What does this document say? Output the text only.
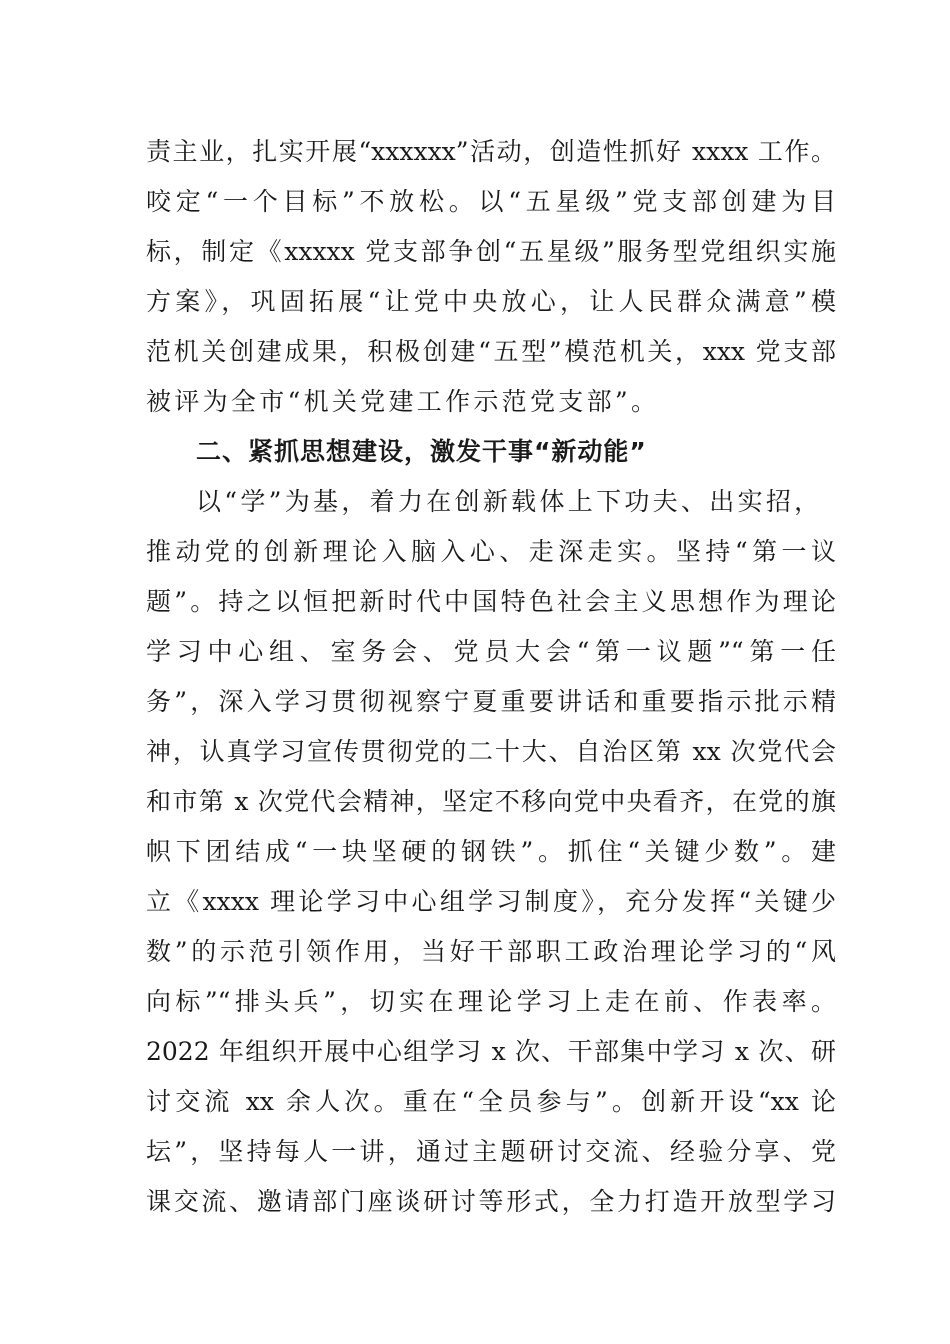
责主业，扎实开展“xxxxxx”活动，创造性抓好 xxxx 工作。
咬定“一个目标”不放松。以“五星级”党支部创建为目
标，制定《xxxxx 党支部争创“五星级”服务型党组织实施
方案》，巩固拓展“让党中央放心，让人民群众满意”模
范机关创建成果，积极创建“五型”模范机关，xxx 党支部
被评为全市“机关党建工作示范党支部”。
二、紧抓思想建设，激发干事“新动能”
以“学”为基，着力在创新载体上下功夫、出实招，
推动党的创新理论入脑入心、走深走实。坚持“第一议
题”。持之以恒把新时代中国特色社会主义思想作为理论
学习中心组、室务会、党员大会“第一议题”“第一任
务”，深入学习贯彻视察宁夏重要讲话和重要指示批示精
神，认真学习宣传贯彻党的二十大、自治区第 xx 次党代会
和市第 x 次党代会精神，坚定不移向党中央看齐，在党的旗
帜下团结成“一块坚硬的钢铁”。抓住“关键少数”。建
立《xxxx 理论学习中心组学习制度》，充分发挥“关键少
数”的示范引领作用，当好干部职工政治理论学习的“风
向标”“排头兵”，切实在理论学习上走在前、作表率。
2022 年组织开展中心组学习 x 次、干部集中学习 x 次、研
讨交流 xx 余人次。重在“全员参与”。创新开设“xx 论
坛”，坚持每人一讲，通过主题研讨交流、经验分享、党
课交流、邀请部门座谈研讨等形式，全力打造开放型学习
